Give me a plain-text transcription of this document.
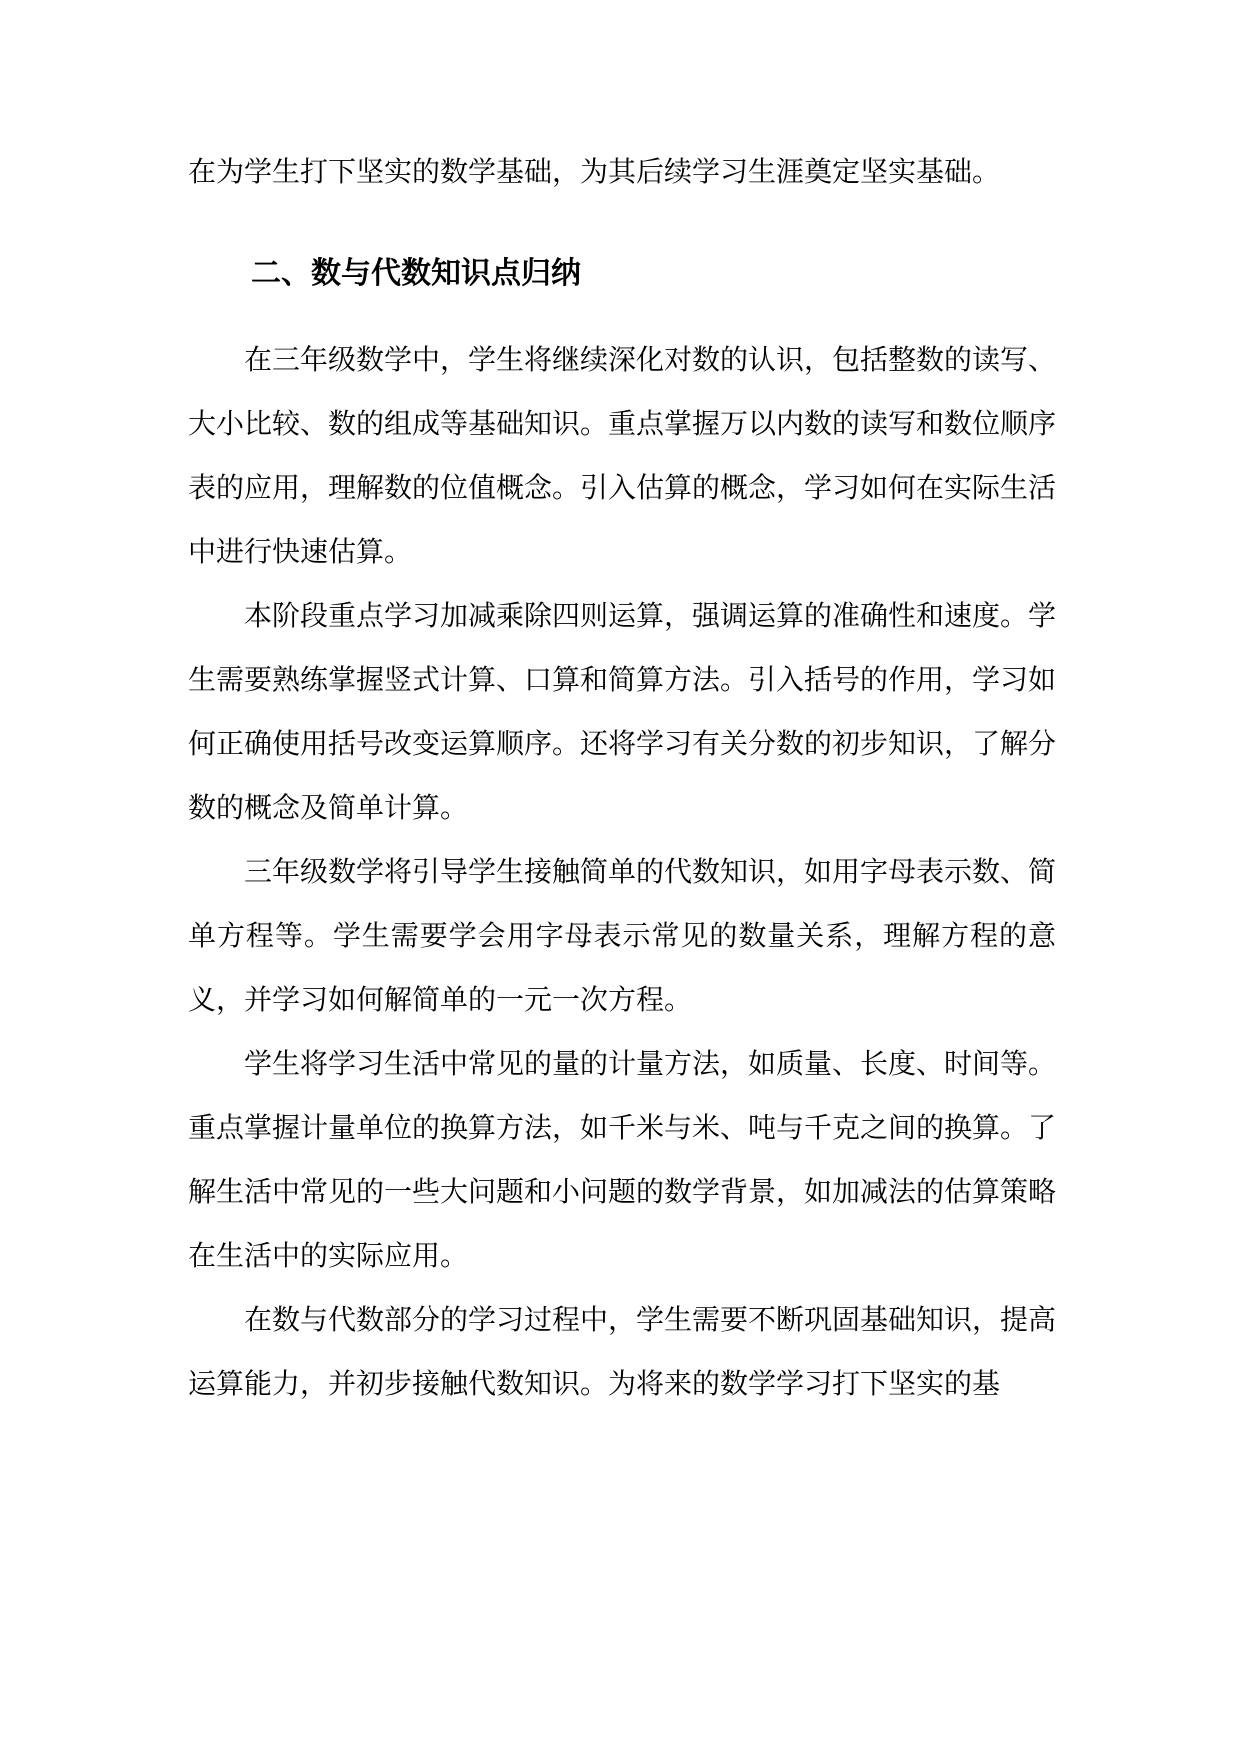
在为学生打下坚实的数学基础，为其后续学习生涯奠定坚实基础。

二、数与代数知识点归纳

在三年级数学中，学生将继续深化对数的认识，包括整数的读写、大小比较、数的组成等基础知识。重点掌握万以内数的读写和数位顺序表的应用，理解数的位值概念。引入估算的概念，学习如何在实际生活中进行快速估算。

本阶段重点学习加减乘除四则运算，强调运算的准确性和速度。学生需要熟练掌握竖式计算、口算和简算方法。引入括号的作用，学习如何正确使用括号改变运算顺序。还将学习有关分数的初步知识，了解分数的概念及简单计算。

三年级数学将引导学生接触简单的代数知识，如用字母表示数、简单方程等。学生需要学会用字母表示常见的数量关系，理解方程的意义，并学习如何解简单的一元一次方程。

学生将学习生活中常见的量的计量方法，如质量、长度、时间等。重点掌握计量单位的换算方法，如千米与米、吨与千克之间的换算。了解生活中常见的一些大问题和小问题的数学背景，如加减法的估算策略在生活中的实际应用。

在数与代数部分的学习过程中，学生需要不断巩固基础知识，提高运算能力，并初步接触代数知识。为将来的数学学习打下坚实的基
